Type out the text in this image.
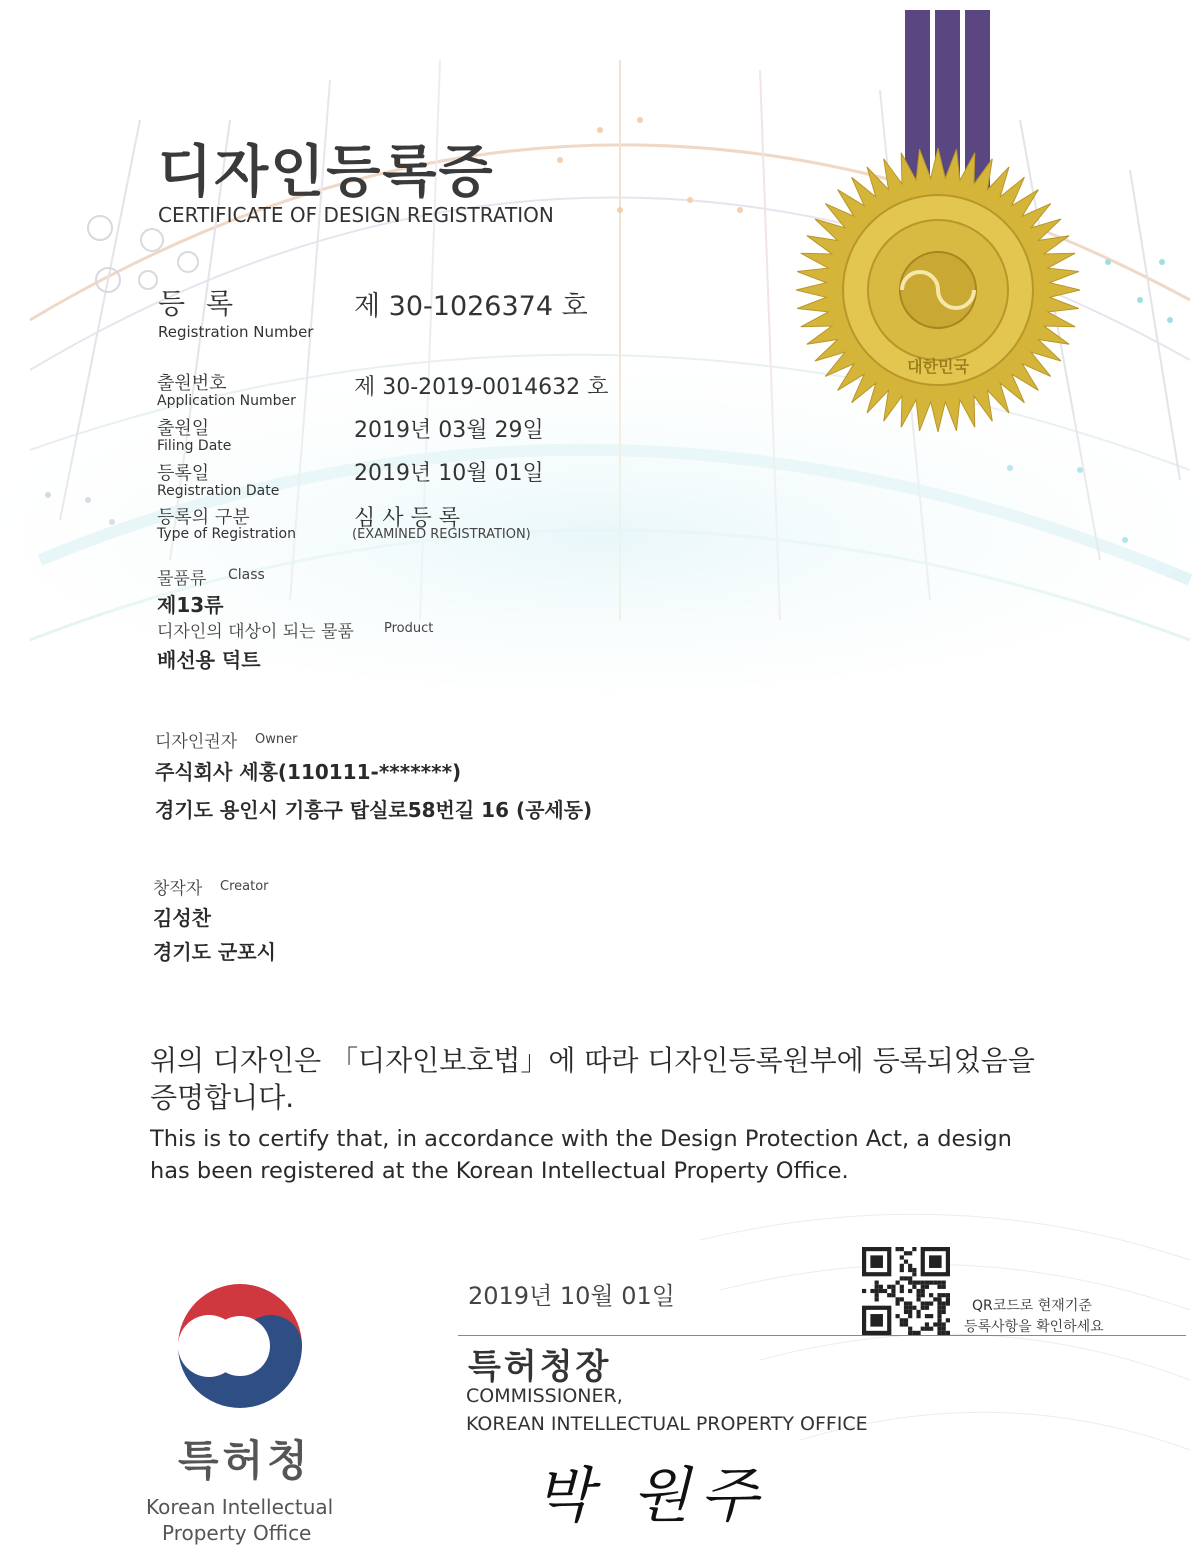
대한민국
디자인등록증
CERTIFICATE OF DESIGN REGISTRATION
등 록
Registration Number
제 30-1026374 호
출원번호
Application Number
제 30-2019-0014632 호
출원일
Filing Date
2019년 03월 29일
등록일
Registration Date
2019년 10월 01일
등록의 구분
Type of Registration
심 사 등 록
(EXAMINED REGISTRATION)
물품류 Class
제13류
디자인의 대상이 되는 물품 Product
배선용 덕트
디자인권자 Owner
주식회사 세홍(110111-*******)
경기도 용인시 기흥구 탑실로58번길 16 (공세동)
창작자 Creator
김성찬
경기도 군포시
위의 디자인은 「디자인보호법」에 따라 디자인등록원부에 등록되었음을
증명합니다.
This is to certify that, in accordance with the Design Protection Act, a design
has been registered at the Korean Intellectual Property Office.
2019년 10월 01일	QR코드로 현재기준
등록사항을 확인하세요
특허청장
COMMISSIONER,
KOREAN INTELLECTUAL PROPERTY OFFICE
박 원주
특허청
Korean Intellectual
Property Office
